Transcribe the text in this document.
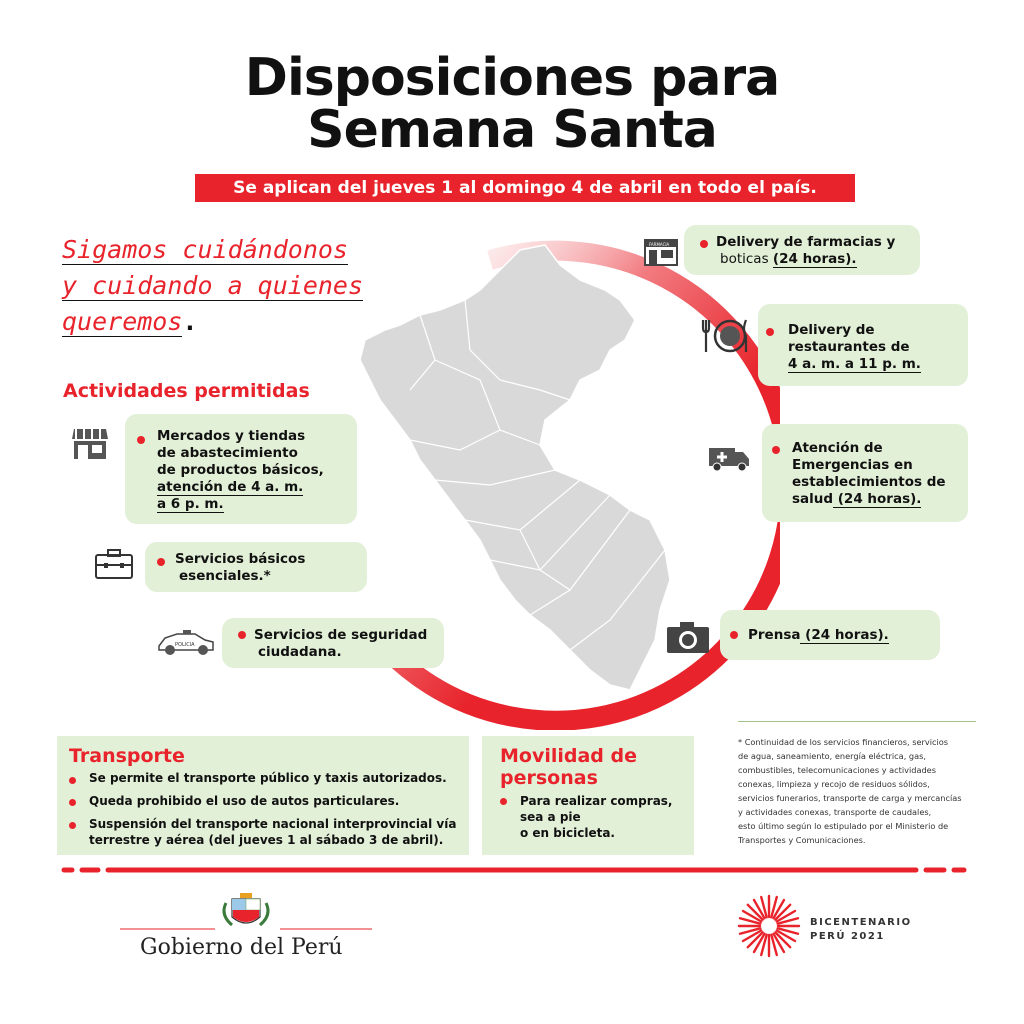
Disposiciones para
Semana Santa
Se aplican del jueves 1 al domingo 4 de abril en todo el país.
Sigamos cuidándonos
y cuidando a quienes
queremos.
Actividades permitidas
Mercados y tiendas
de abastecimiento
de productos básicos,
atención de 4 a. m.
a 6 p. m.
Servicios básicos
esenciales.*
POLICIA
Servicios de seguridad
ciudadana.
FARMACIA	Delivery de farmacias y
boticas (24 horas).
Delivery de
restaurantes de
4 a. m. a 11 p. m.
Atención de
Emergencias en
establecimientos de
salud (24 horas).
Prensa (24 horas).
Transporte
Se permite el transporte público y taxis autorizados.
Queda prohibido el uso de autos particulares.
Suspensión del transporte nacional interprovincial vía
terrestre y aérea (del jueves 1 al sábado 3 de abril).
Movilidad de
personas
Para realizar compras,
sea a pie
o en bicicleta.
* Continuidad de los servicios financieros, servicios
de agua, saneamiento, energía eléctrica, gas,
combustibles, telecomunicaciones y actividades
conexas, limpieza y recojo de residuos sólidos,
servicios funerarios, transporte de carga y mercancías
y actividades conexas, transporte de caudales,
esto último según lo estipulado por el Ministerio de
Transportes y Comunicaciones.
Gobierno del Perú
BICENTENARIO
PERÚ 2021
